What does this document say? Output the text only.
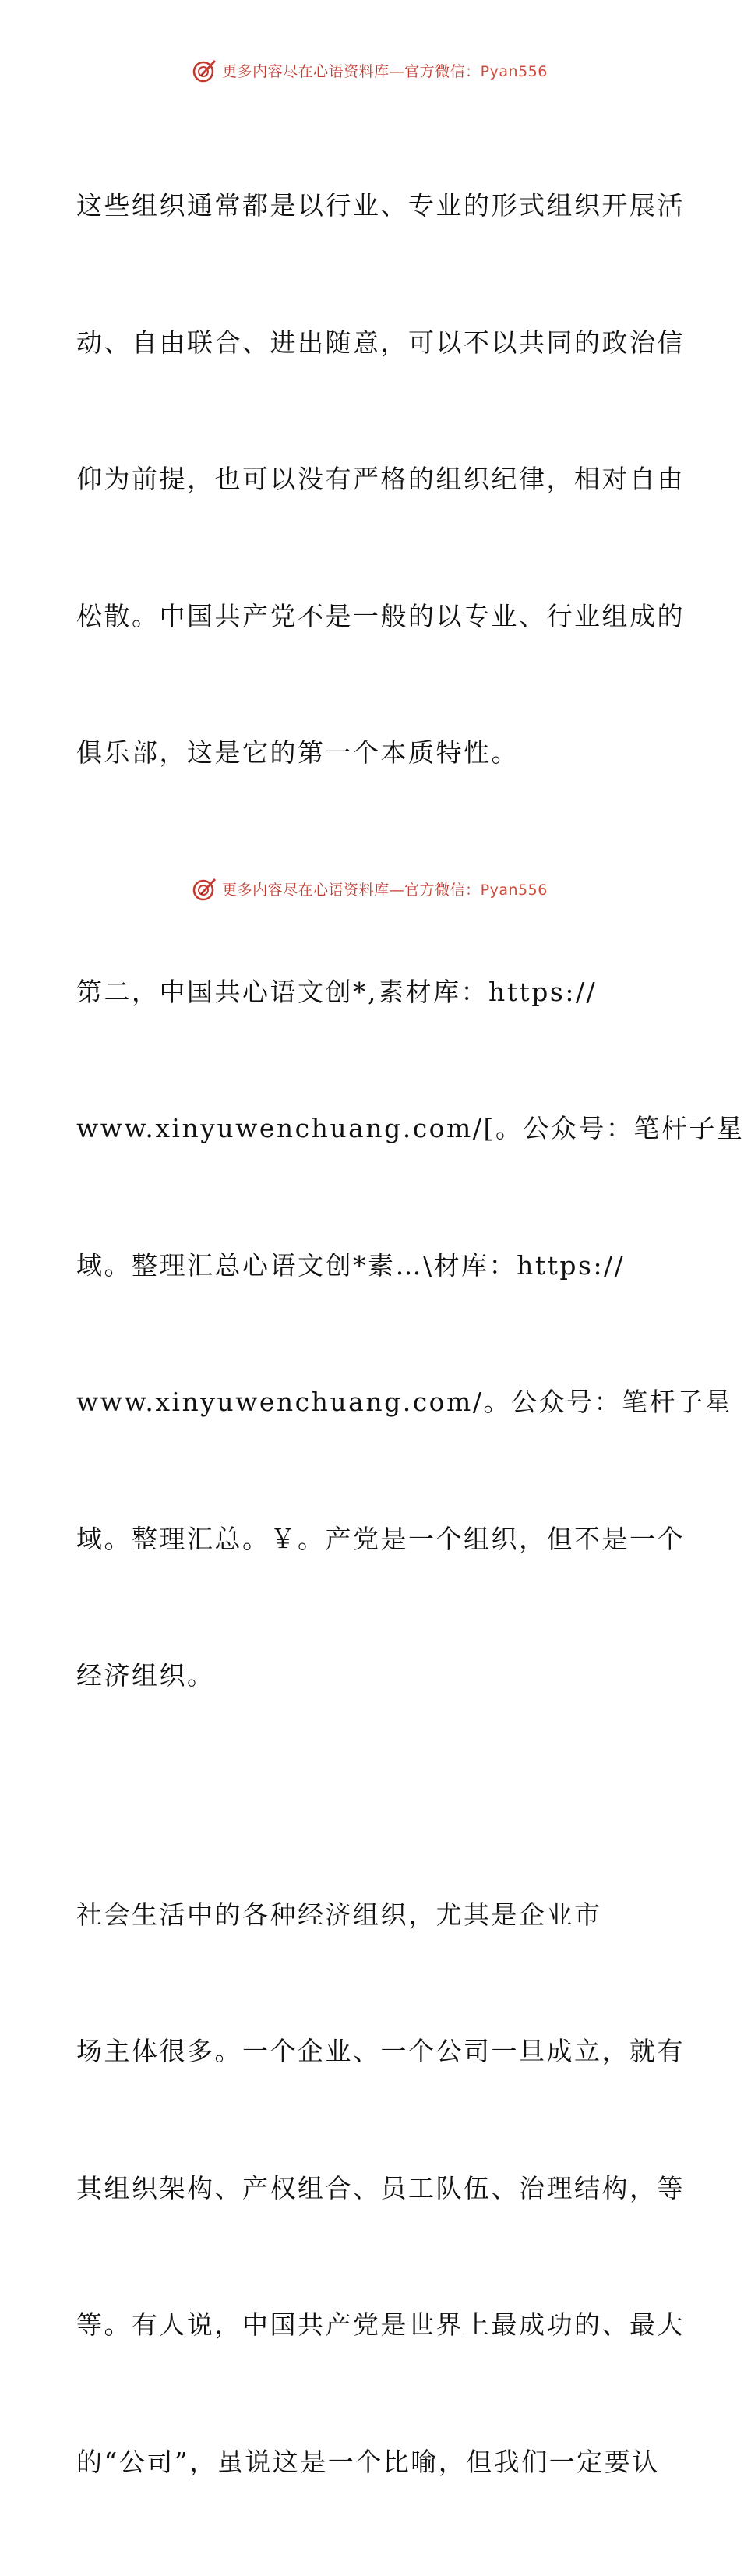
更多内容尽在心语资料库—官方微信：Pyan556

这些组织通常都是以行业、专业的形式组织开展活

动、自由联合、进出随意，可以不以共同的政治信

仰为前提，也可以没有严格的组织纪律，相对自由

松散。中国共产党不是一般的以专业、行业组成的

俱乐部，这是它的第一个本质特性。

第二，中国共心语文创*,素材库：https://

www.xinyuwenchuang.com/[。公众号：笔杆子星

域。整理汇总心语文创*素…\材库：https://

www.xinyuwenchuang.com/。公众号：笔杆子星

域。整理汇总。￥。产党是一个组织，但不是一个

经济组织。

社会生活中的各种经济组织，尤其是企业市

场主体很多。一个企业、一个公司一旦成立，就有

其组织架构、产权组合、员工队伍、治理结构，等

等。有人说，中国共产党是世界上最成功的、最大

的“公司”，虽说这是一个比喻，但我们一定要认

更多内容尽在心语资料库—官方微信：Pyan556
